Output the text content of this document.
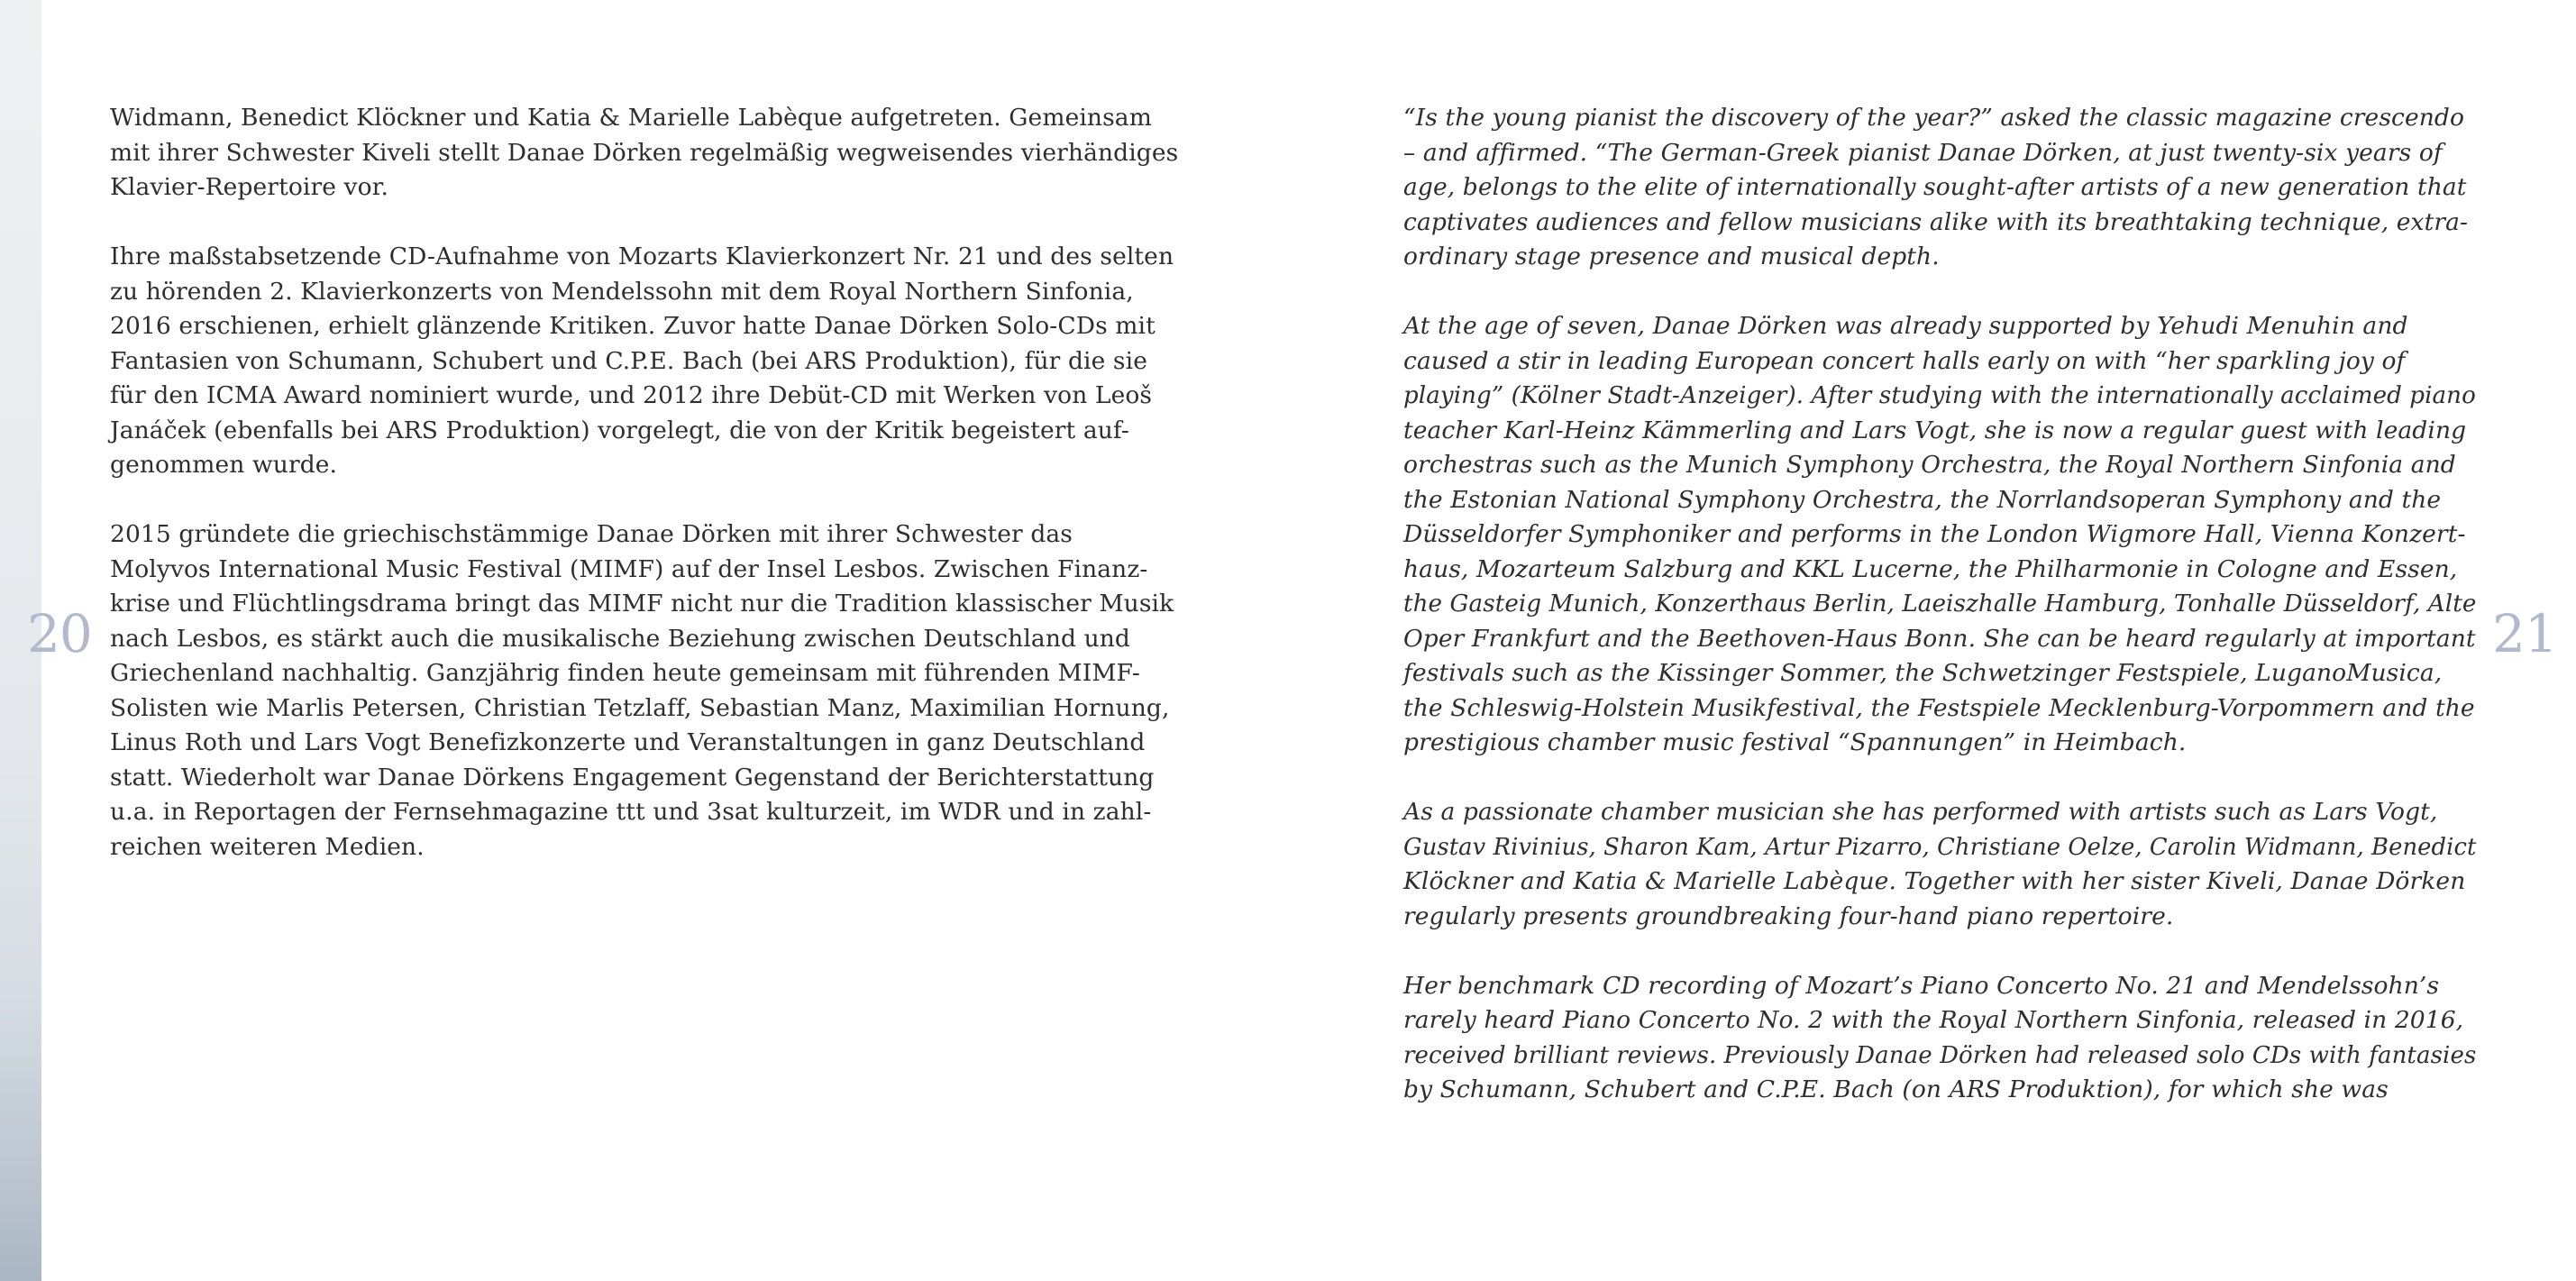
20	21
Widmann, Benedict Klöckner und Katia & Marielle Labèque aufgetreten. Gemeinsam
mit ihrer Schwester Kiveli stellt Danae Dörken regelmäßig wegweisendes vierhändiges
Klavier-Repertoire vor.
Ihre maßstabsetzende CD-Aufnahme von Mozarts Klavierkonzert Nr. 21 und des selten
zu hörenden 2. Klavierkonzerts von Mendelssohn mit dem Royal Northern Sinfonia,
2016 erschienen, erhielt glänzende Kritiken. Zuvor hatte Danae Dörken Solo-CDs mit
Fantasien von Schumann, Schubert und C.P.E. Bach (bei ARS Produktion), für die sie
für den ICMA Award nominiert wurde, und 2012 ihre Debüt-CD mit Werken von Leoš
Janáček (ebenfalls bei ARS Produktion) vorgelegt, die von der Kritik begeistert auf-
genommen wurde.
2015 gründete die griechischstämmige Danae Dörken mit ihrer Schwester das
Molyvos International Music Festival (MIMF) auf der Insel Lesbos. Zwischen Finanz-
krise und Flüchtlingsdrama bringt das MIMF nicht nur die Tradition klassischer Musik
nach Lesbos, es stärkt auch die musikalische Beziehung zwischen Deutschland und
Griechenland nachhaltig. Ganzjährig finden heute gemeinsam mit führenden MIMF-
Solisten wie Marlis Petersen, Christian Tetzlaff, Sebastian Manz, Maximilian Hornung,
Linus Roth und Lars Vogt Benefizkonzerte und Veranstaltungen in ganz Deutschland
statt. Wiederholt war Danae Dörkens Engagement Gegenstand der Berichterstattung
u.a. in Reportagen der Fernsehmagazine ttt und 3sat kulturzeit, im WDR und in zahl-
reichen weiteren Medien.
“Is the young pianist the discovery of the year?” asked the classic magazine crescendo
– and affirmed. “The German-Greek pianist Danae Dörken, at just twenty-six years of
age, belongs to the elite of internationally sought-after artists of a new generation that
captivates audiences and fellow musicians alike with its breathtaking technique, extra-
ordinary stage presence and musical depth.
At the age of seven, Danae Dörken was already supported by Yehudi Menuhin and
caused a stir in leading European concert halls early on with “her sparkling joy of
playing” (Kölner Stadt-Anzeiger). After studying with the internationally acclaimed piano
teacher Karl-Heinz Kämmerling and Lars Vogt, she is now a regular guest with leading
orchestras such as the Munich Symphony Orchestra, the Royal Northern Sinfonia and
the Estonian National Symphony Orchestra, the Norrlandsoperan Symphony and the
Düsseldorfer Symphoniker and performs in the London Wigmore Hall, Vienna Konzert-
haus, Mozarteum Salzburg and KKL Lucerne, the Philharmonie in Cologne and Essen,
the Gasteig Munich, Konzerthaus Berlin, Laeiszhalle Hamburg, Tonhalle Düsseldorf, Alte
Oper Frankfurt and the Beethoven-Haus Bonn. She can be heard regularly at important
festivals such as the Kissinger Sommer, the Schwetzinger Festspiele, LuganoMusica,
the Schleswig-Holstein Musikfestival, the Festspiele Mecklenburg-Vorpommern and the
prestigious chamber music festival “Spannungen” in Heimbach.
As a passionate chamber musician she has performed with artists such as Lars Vogt,
Gustav Rivinius, Sharon Kam, Artur Pizarro, Christiane Oelze, Carolin Widmann, Benedict
Klöckner and Katia & Marielle Labèque. Together with her sister Kiveli, Danae Dörken
regularly presents groundbreaking four-hand piano repertoire.
Her benchmark CD recording of Mozart’s Piano Concerto No. 21 and Mendelssohn’s
rarely heard Piano Concerto No. 2 with the Royal Northern Sinfonia, released in 2016,
received brilliant reviews. Previously Danae Dörken had released solo CDs with fantasies
by Schumann, Schubert and C.P.E. Bach (on ARS Produktion), for which she was
